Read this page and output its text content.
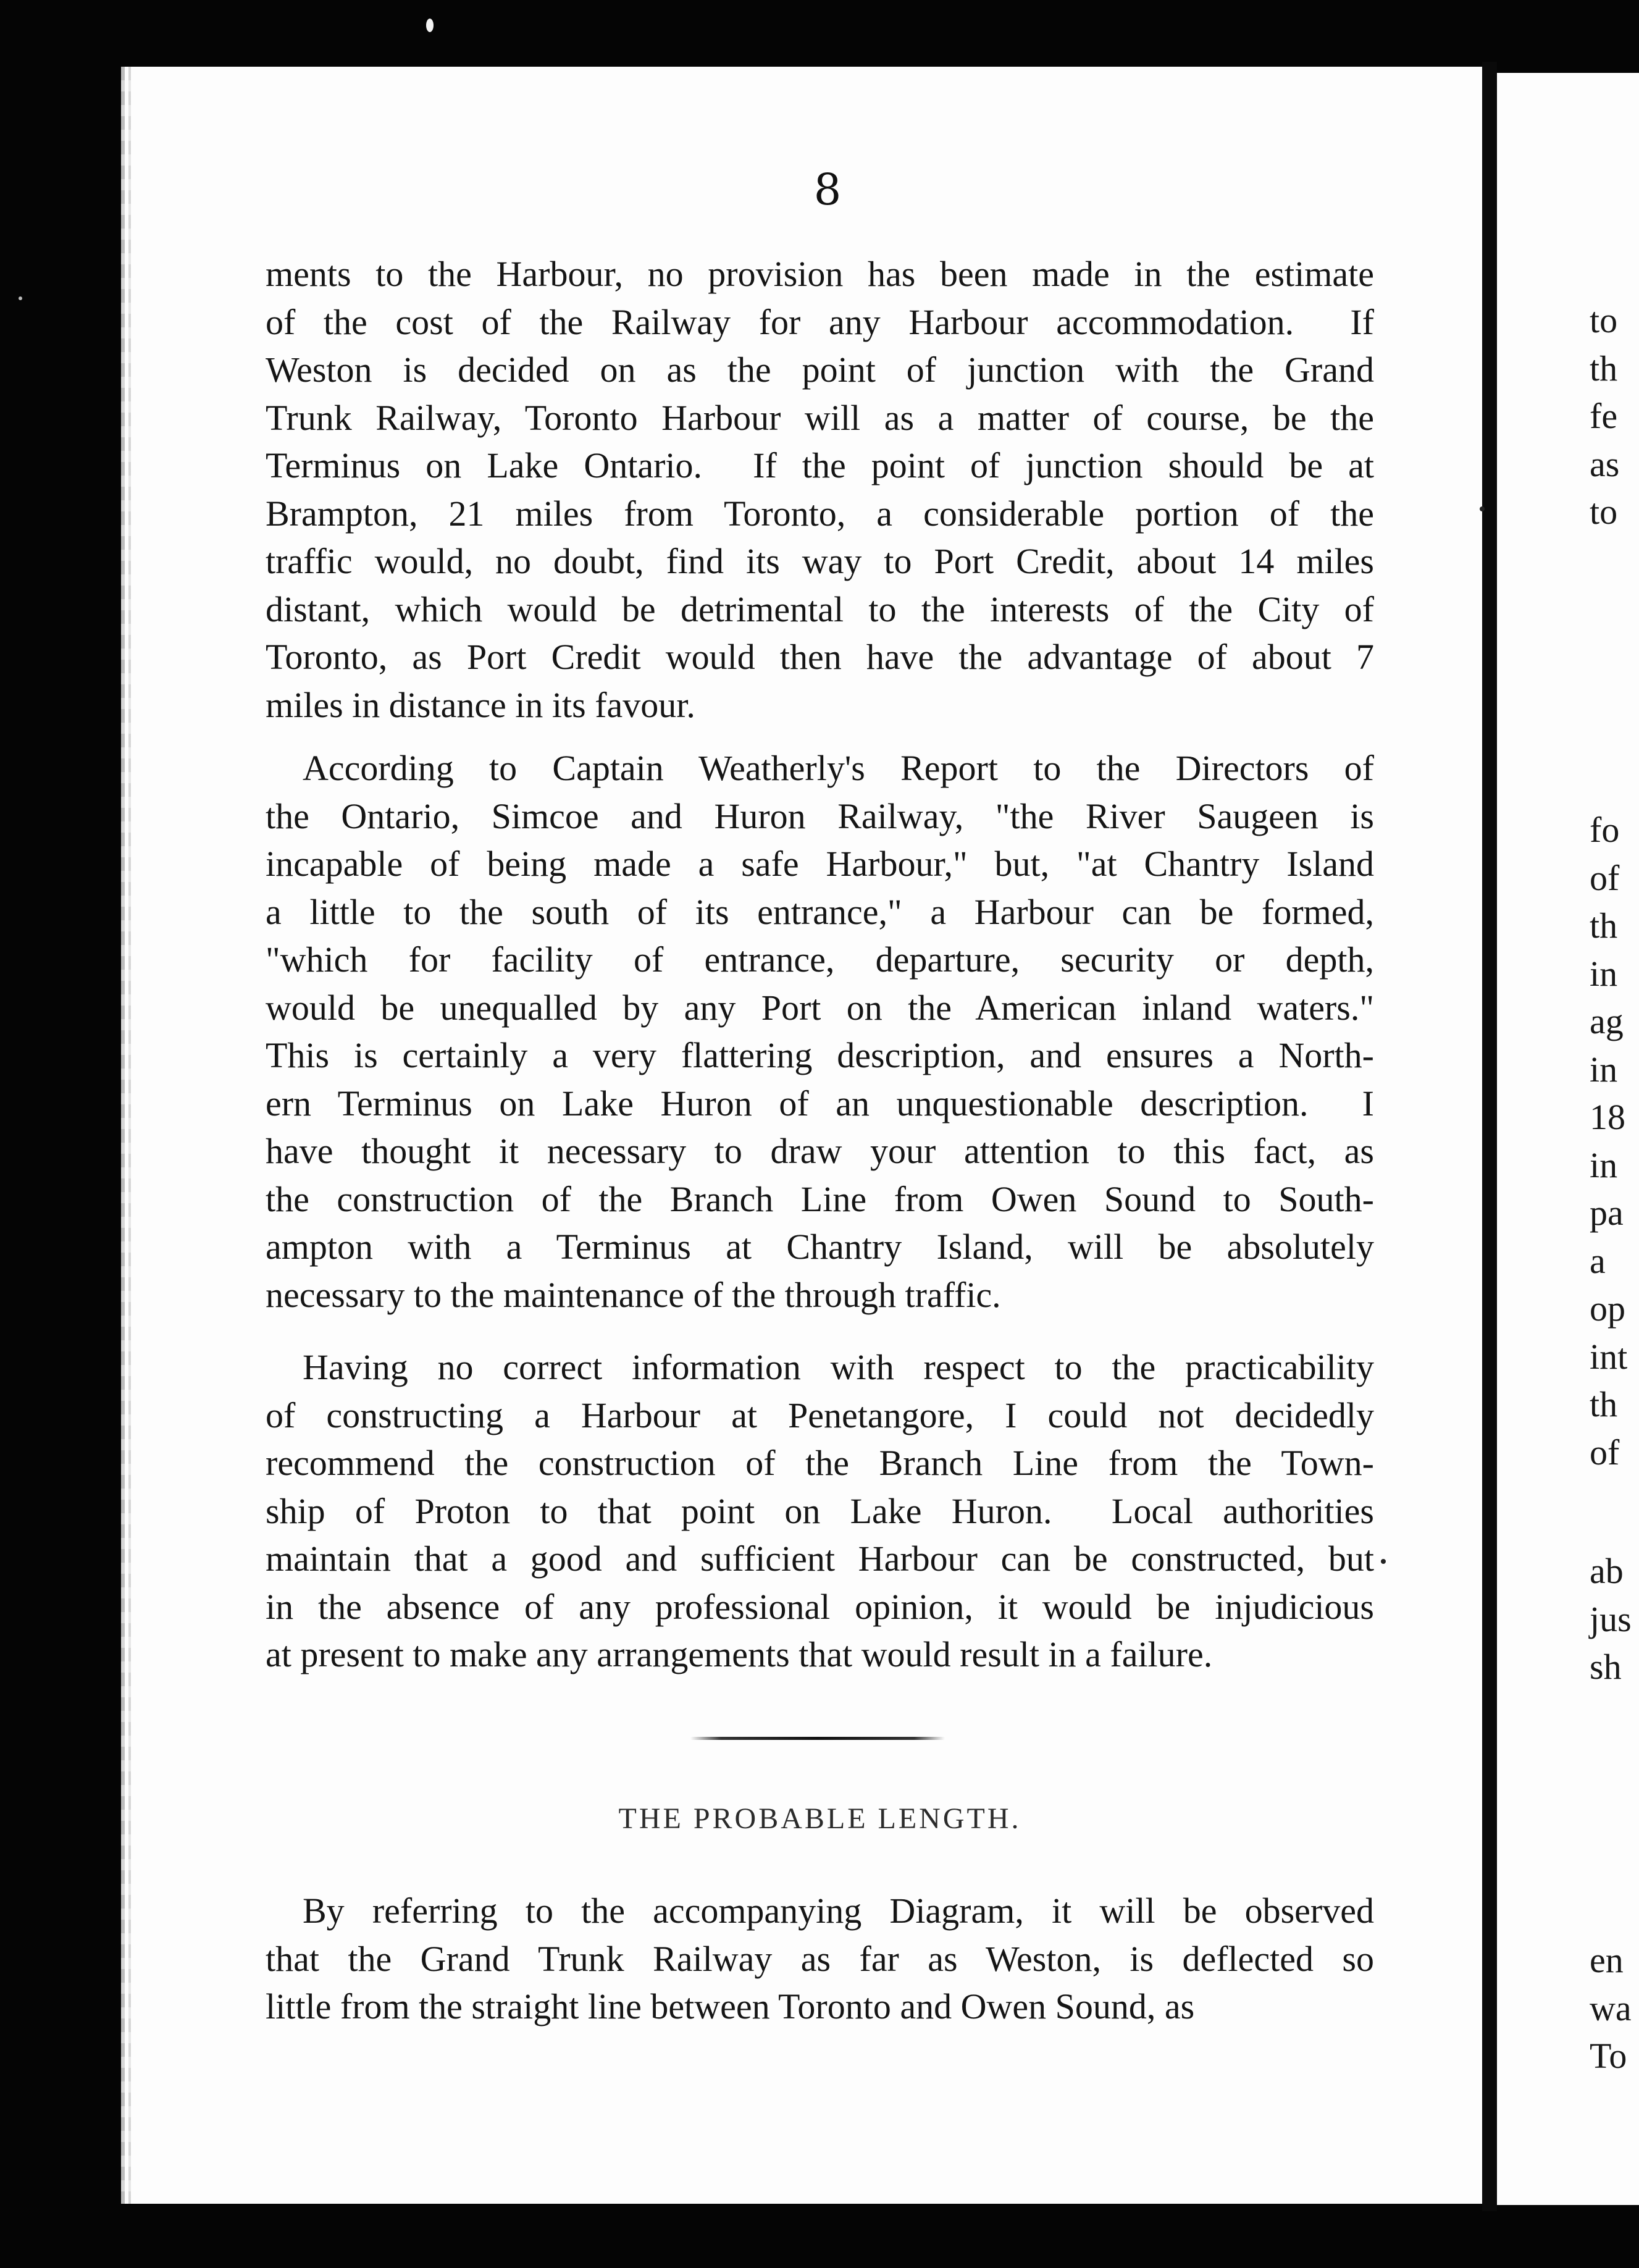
8
ments to the Harbour, no provision has been made in the estimate
of the cost of the Railway for any Harbour accommodation.  If
Weston is decided on as the point of junction with the Grand
Trunk Railway, Toronto Harbour will as a matter of course, be the
Terminus on Lake Ontario.  If the point of junction should be at
Brampton, 21 miles from Toronto, a considerable portion of the
traffic would, no doubt, find its way to Port Credit, about 14 miles
distant, which would be detrimental to the interests of the City of
Toronto, as Port Credit would then have the advantage of about 7
miles in distance in its favour.
According to Captain Weatherly's Report to the Directors of
the Ontario, Simcoe and Huron Railway, "the River Saugeen is
incapable of being made a safe Harbour," but, "at Chantry Island
a little to the south of its entrance," a Harbour can be formed,
"which for facility of entrance, departure, security or depth,
would be unequalled by any Port on the American inland waters."
This is certainly a very flattering description, and ensures a North-
ern Terminus on Lake Huron of an unquestionable description.  I
have thought it necessary to draw your attention to this fact, as
the construction of the Branch Line from Owen Sound to South-
ampton with a Terminus at Chantry Island, will be absolutely
necessary to the maintenance of the through traffic.
Having no correct information with respect to the practicability
of constructing a Harbour at Penetangore, I could not decidedly
recommend the construction of the Branch Line from the Town-
ship of Proton to that point on Lake Huron.  Local authorities
maintain that a good and sufficient Harbour can be constructed, but
in the absence of any professional opinion, it would be injudicious
at present to make any arrangements that would result in a failure.
THE PROBABLE LENGTH.
By referring to the accompanying Diagram, it will be observed
that the Grand Trunk Railway as far as Weston, is deflected so
little from the straight line between Toronto and Owen Sound, as
to
th
fe
as
to
fo
of
th
in
ag
in
18
in
pa
a
op
int
th
of
ab
jus
sh
en
wa
To
